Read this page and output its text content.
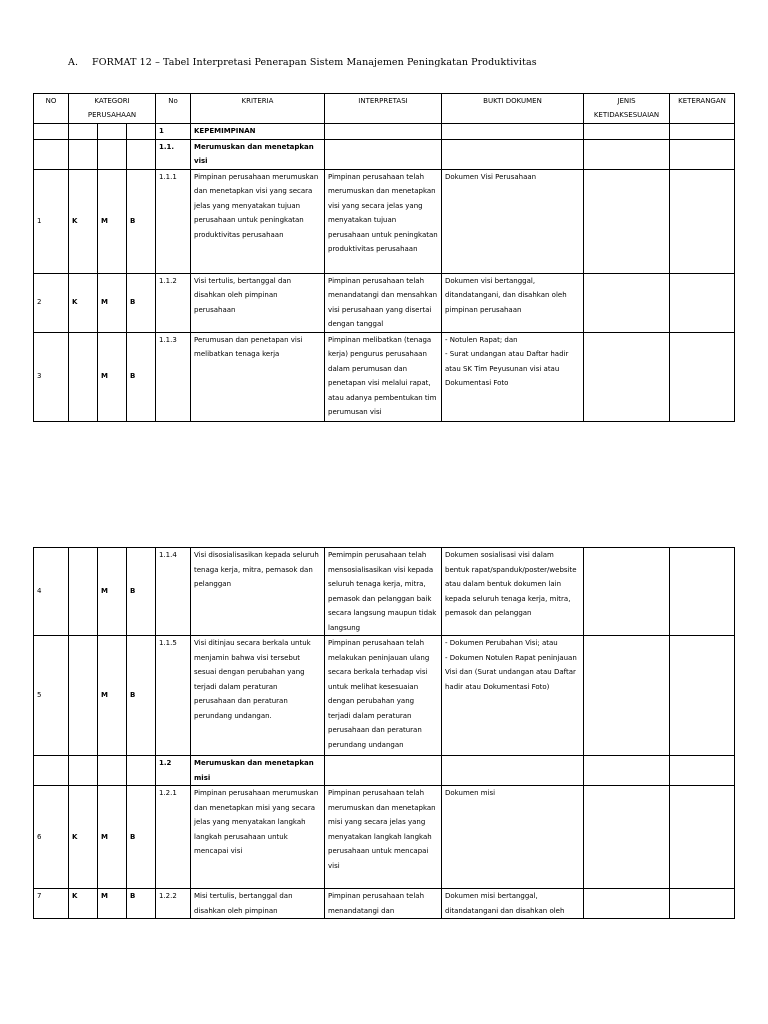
A. FORMAT 12 – Tabel Interpretasi Penerapan Sistem Manajemen Peningkatan Produktivitas
NO	KATEGORI PERUSAHAAN			No	KRITERIA	INTERPRETASI	BUKTI DOKUMEN	JENIS KETIDAKSESUAIAN	KETERANGAN
				1	KEPEMIMPINAN				
				1.1.	Merumuskan dan menetapkan visi				
1	K	M	B	1.1.1	Pimpinan perusahaan merumuskan dan menetapkan visi yang secara jelas yang menyatakan tujuan perusahaan untuk peningkatan produktivitas perusahaan	Pimpinan perusahaan telah merumuskan dan menetapkan visi yang secara jelas yang menyatakan tujuan perusahaan untuk peningkatan produktivitas perusahaan	Dokumen Visi Perusahaan		
2	K	M	B	1.1.2	Visi tertulis, bertanggal dan disahkan oleh pimpinan perusahaan	Pimpinan perusahaan telah menandatangi dan mensahkan visi perusahaan yang disertai dengan tanggal	Dokumen visi bertanggal, ditandatangani, dan disahkan oleh pimpinan perusahaan		
3		M	B	1.1.3	Perumusan dan penetapan visi melibatkan tenaga kerja	Pimpinan melibatkan (tenaga kerja) pengurus perusahaan dalam perumusan dan penetapan visi melalui rapat, atau adanya pembentukan tim perumusan visi	- Notulen Rapat; dan
- Surat undangan atau Daftar hadir atau SK Tim Peyusunan visi atau Dokumentasi Foto		
4		M	B	1.1.4	Visi disosialisasikan kepada seluruh tenaga kerja, mitra, pemasok dan pelanggan	Pemimpin perusahaan telah mensosialisasikan visi kepada seluruh tenaga kerja, mitra, pemasok dan pelanggan baik secara langsung maupun tidak langsung	Dokumen sosialisasi visi dalam bentuk rapat/spanduk/poster/website atau dalam bentuk dokumen lain kepada seluruh tenaga kerja, mitra, pemasok dan pelanggan		
5		M	B	1.1.5	Visi ditinjau secara berkala untuk menjamin bahwa visi tersebut sesuai dengan perubahan yang terjadi dalam peraturan perusahaan dan peraturan perundang undangan.	Pimpinan perusahaan telah melakukan peninjauan ulang secara berkala terhadap visi untuk melihat kesesuaian dengan perubahan yang terjadi dalam peraturan perusahaan dan peraturan perundang undangan	- Dokumen Perubahan Visi; atau
- Dokumen Notulen Rapat peninjauan Visi dan (Surat undangan atau Daftar hadir atau Dokumentasi Foto)		
				1.2	Merumuskan dan menetapkan misi				
6	K	M	B	1.2.1	Pimpinan perusahaan merumuskan dan menetapkan misi yang secara jelas yang menyatakan langkah langkah perusahaan untuk mencapai visi	Pimpinan perusahaan telah merumuskan dan menetapkan misi yang secara jelas yang menyatakan langkah langkah perusahaan untuk mencapai visi	Dokumen misi		
7	K	M	B	1.2.2	Misi tertulis, bertanggal dan disahkan oleh pimpinan	Pimpinan perusahaan telah menandatangi dan	Dokumen misi bertanggal, ditandatangani dan disahkan oleh		
